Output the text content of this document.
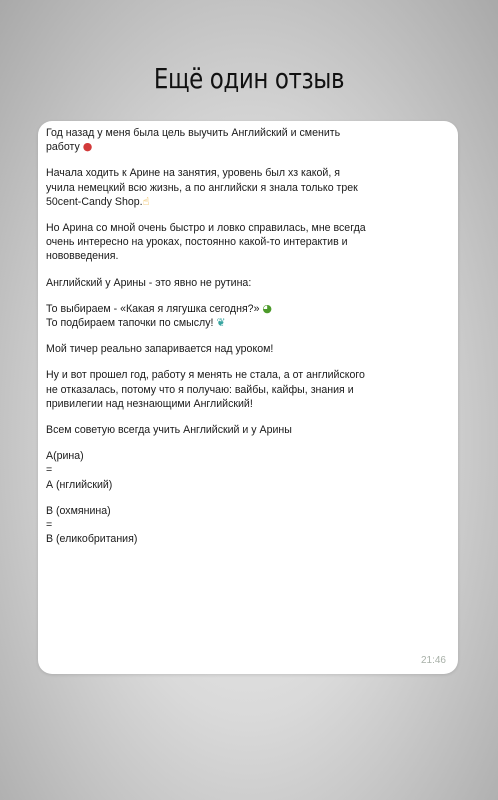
Ещё один отзыв
Год назад у меня была цель выучить Английский и сменить
работу ●
Начала ходить к Арине на занятия, уровень был хз какой, я
учила немецкий всю жизнь, а по английски я знала только трек
50cent-Candy Shop.☝
Но Арина со мной очень быстро и ловко справилась, мне всегда
очень интересно на уроках, постоянно какой-то интерактив и
нововведения.
Английский у Арины - это явно не рутина:
То выбираем - «Какая я лягушка сегодня?» ◕
То подбираем тапочки по смыслу! ❦
Мой тичер реально запаривается над уроком!
Ну и вот прошел год, работу я менять не стала, а от английского
не отказалась, потому что я получаю: вайбы, кайфы, знания и
привилегии над незнающими Английский!
Всем советую всегда учить Английский и у Арины
А(рина)
=
А (нглийский)
В (охмянина)
=
В (еликобритания)
21:46
